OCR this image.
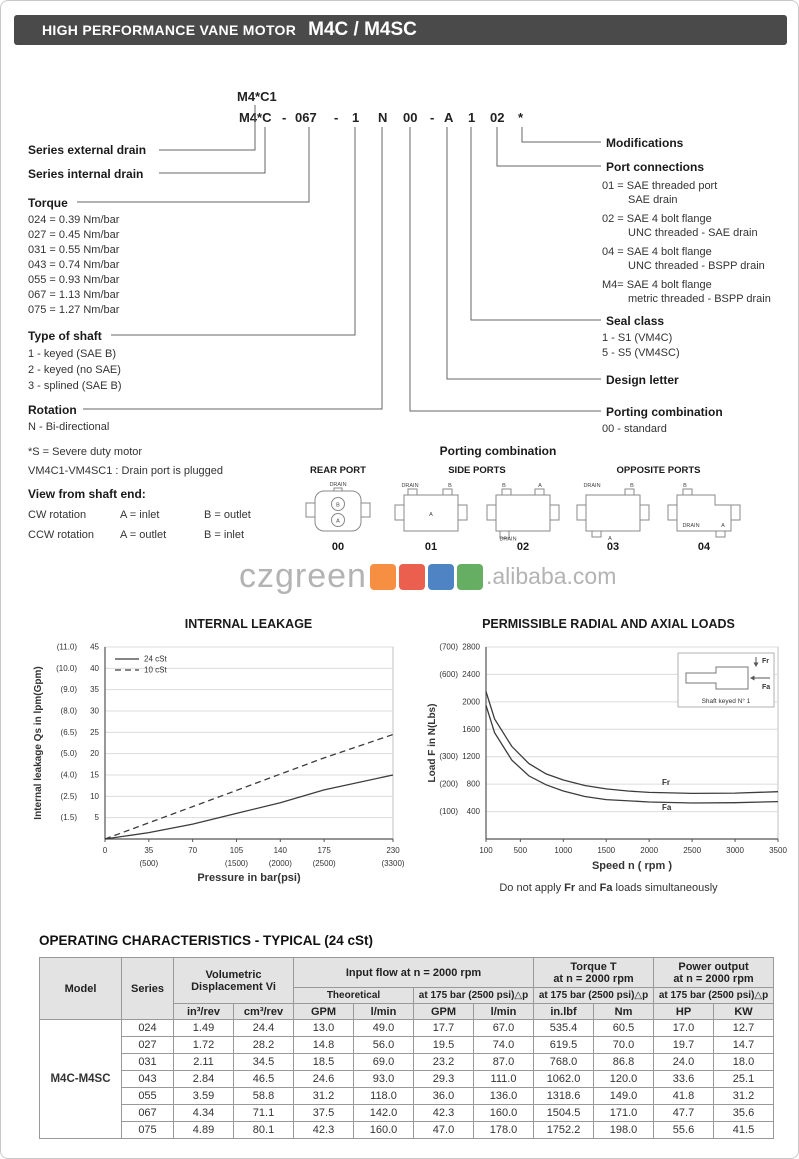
HIGH PERFORMANCE VANE MOTOR M4C / M4SC
M4*C1
M4*C - 067 - 1 N 00 - A 1 02 *
Series external drain
Series internal drain
Torque
024 = 0.39 Nm/bar
027 = 0.45 Nm/bar
031 = 0.55 Nm/bar
043 = 0.74 Nm/bar
055 = 0.93 Nm/bar
067 = 1.13 Nm/bar
075 = 1.27 Nm/bar
Type of shaft
1 - keyed (SAE B)
2 - keyed (no SAE)
3 - splined (SAE B)
Rotation
N - Bi-directional
*S = Severe duty motor
VM4C1-VM4SC1 : Drain port is plugged
View from shaft end:
CW rotation	A = inlet	B = outlet
CCW rotation A = outlet	B = inlet
Modifications
Port connections
01 = SAE threaded port
SAE drain
02 = SAE 4 bolt flange
UNC threaded - SAE drain
04 = SAE 4 bolt flange
UNC threaded - BSPP drain
M4= SAE 4 bolt flange
metric threaded - BSPP drain
Seal class
1 - S1 (VM4C)
5 - S5 (VM4SC)
Design letter
Porting combination
00 - standard
Porting combination
REAR PORT	SIDE PORTS	OPPOSITE PORTS
DRAIN
B
A
DRAIN	B
A
B	A
DRAIN
DRAIN	B
A
B
A
DRAIN
00	01	02	03	04
czgreen	.alibaba.com
INTERNAL LEAKAGE
5
(1.5)
10
(2.5)
15
(4.0)
20
(5.0)
25
(6.5)
30
(8.0)
35
(9.0)
40
(10.0)
45
(11.0)
0	35
(500)
70	105
(1500)
140
(2000)
175
(2500)
230
(3300)
24 cSt
10 cSt
Pressure in bar(psi)
Internal leakage Qs in lpm(Gpm)
PERMISSIBLE RADIAL AND AXIAL LOADS
400
(100)
800
(200)
1200
(300)
1600
2000
2400
(600)
2800
(700)
100	500	1000	1500	2000	2500	3000	3500
Fr
Fa
Speed n ( rpm )
Load F in N(Lbs)
Fr
Fa
Shaft keyed N° 1
Do not apply Fr and Fa loads simultaneously
OPERATING CHARACTERISTICS - TYPICAL (24 cSt)
Model	Series	
Volumetric
Displacement Vi
	Input flow at n = 2000 rpm	Torque T
at n = 2000 rpm

Power output
at n = 2000 rpm

				Theoretical		at 175 bar (2500 psi)△p		at 175 bar (2500 psi)△p		at 175 bar (2500 psi)△p	
		in³/rev	cm³/rev	GPM	l/min	GPM	l/min	in.lbf	Nm	HP	KW
M4C-M4SC	024	1.49	24.4	13.0	49.0	17.7	67.0	535.4	60.5	17.0	12.7
	027	1.72	28.2	14.8	56.0	19.5	74.0	619.5	70.0	19.7	14.7
	031	2.11	34.5	18.5	69.0	23.2	87.0	768.0	86.8	24.0	18.0
	043	2.84	46.5	24.6	93.0	29.3	111.0	1062.0	120.0	33.6	25.1
	055	3.59	58.8	31.2	118.0	36.0	136.0	1318.6	149.0	41.8	31.2
	067	4.34	71.1	37.5	142.0	42.3	160.0	1504.5	171.0	47.7	35.6
	075	4.89	80.1	42.3	160.0	47.0	178.0	1752.2	198.0	55.6	41.5
